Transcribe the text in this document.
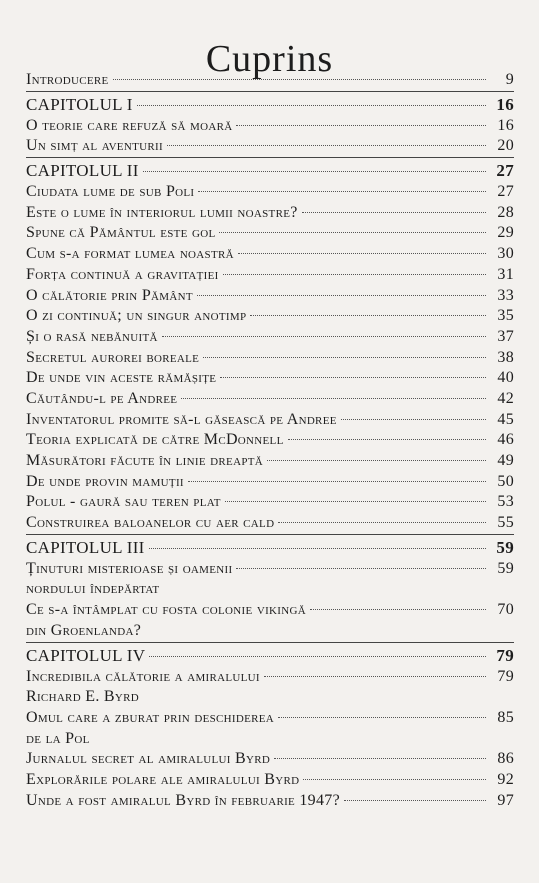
Cuprins
Introducere	9
CAPITOLUL I	16
O teorie care refuză să moară	16
Un simț al aventurii	20
CAPITOLUL II	27
Ciudata lume de sub Poli	27
Este o lume în interiorul lumii noastre?	28
Spune că Pământul este gol	29
Cum s-a format lumea noastră	30
Forța continuă a gravitației	31
O călătorie prin Pământ	33
O zi continuă; un singur anotimp	35
Și o rasă nebănuită	37
Secretul aurorei boreale	38
De unde vin aceste rămășițe	40
Căutându-l pe Andree	42
Inventatorul promite să-l găsească pe Andree	45
Teoria explicată de către McDonnell	46
Măsurători făcute în linie dreaptă	49
De unde provin mamuții	50
Polul - gaură sau teren plat	53
Construirea baloanelor cu aer cald	55
CAPITOLUL III	59
Ținuturi misterioase și oamenii	59
nordului îndepărtat
Ce s-a întâmplat cu fosta colonie vikingă	70
din Groenlanda?
CAPITOLUL IV	79
Incredibila călătorie a amiralului	79
Richard E. Byrd
Omul care a zburat prin deschiderea	85
de la Pol
Jurnalul secret al amiralului Byrd	86
Explorările polare ale amiralului Byrd	92
Unde a fost amiralul Byrd în februarie 1947?	97
